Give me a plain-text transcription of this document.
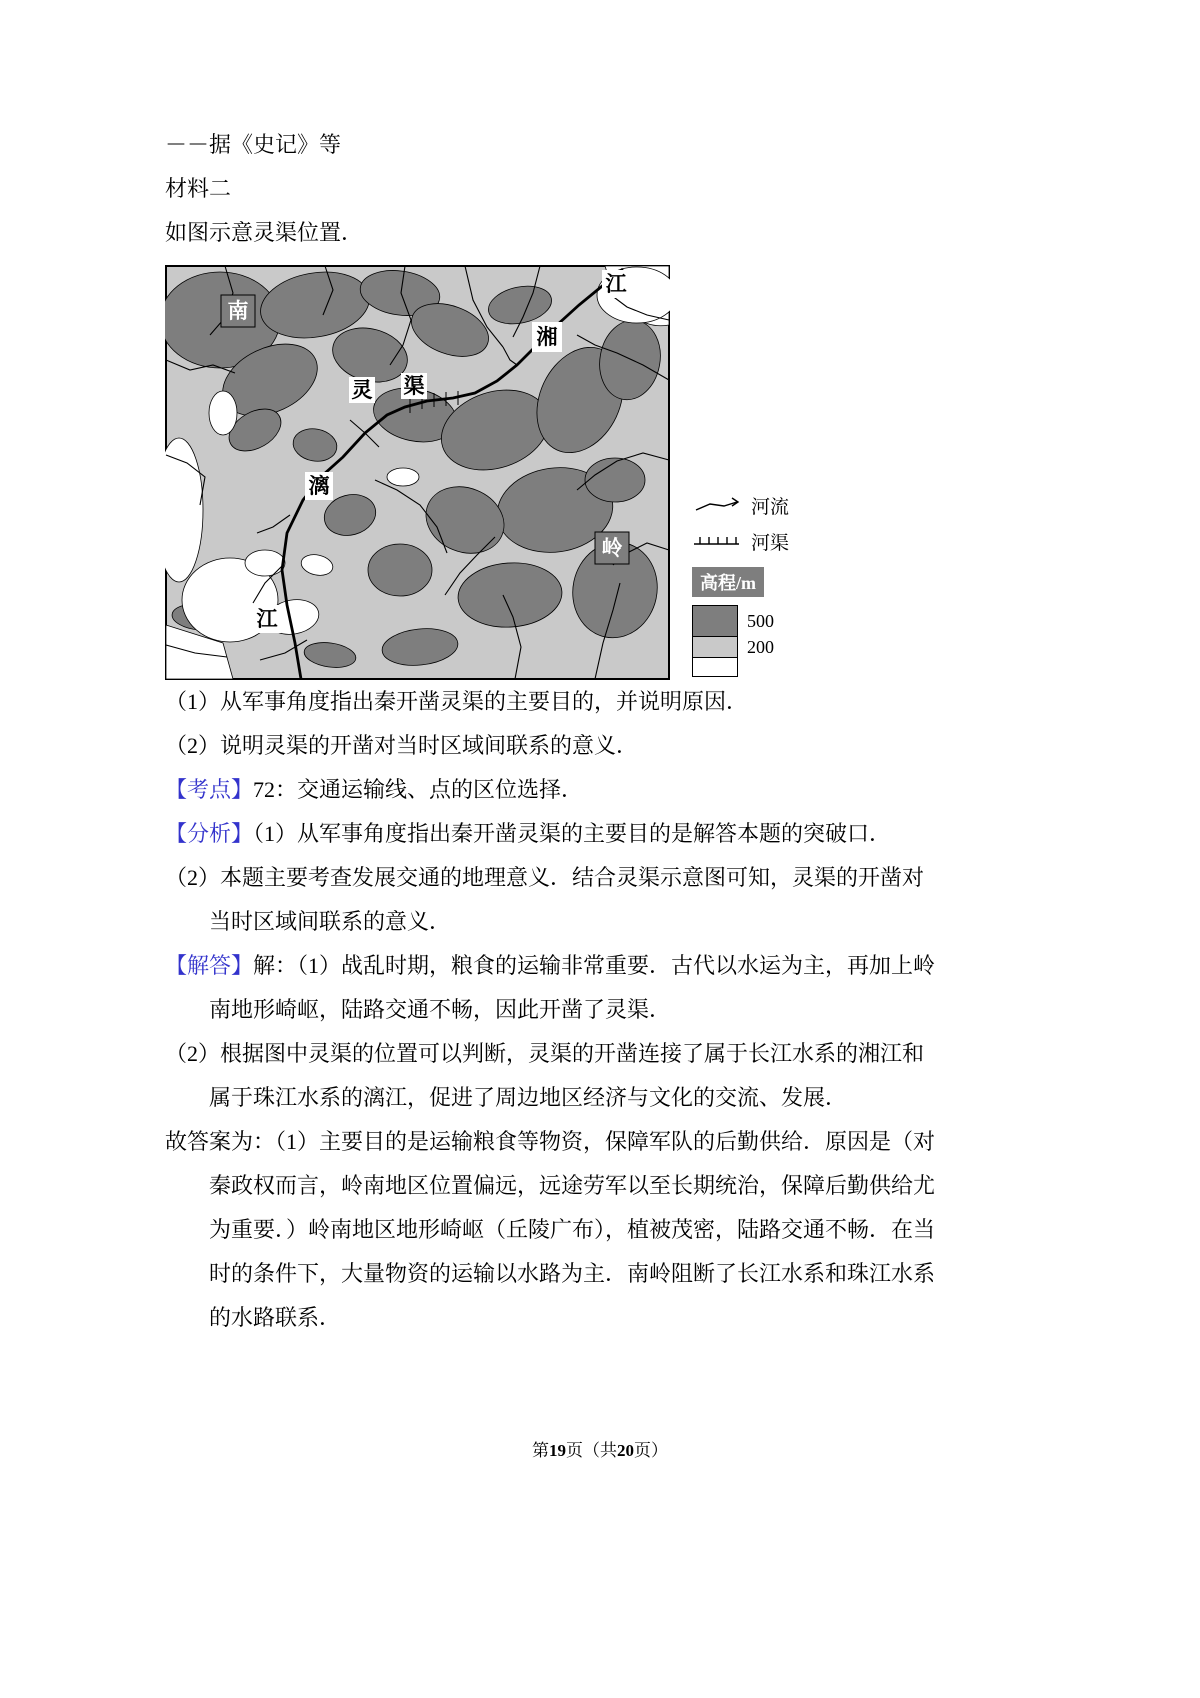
－－据《史记》等

材料二

如图示意灵渠位置．

南
湘
江
灵 渠
漓
江
岭
河流
河渠
高程/m
500
200

（1）从军事角度指出秦开凿灵渠的主要目的，并说明原因．

（2）说明灵渠的开凿对当时区域间联系的意义．

【考点】72：交通运输线、点的区位选择．

【分析】（1）从军事角度指出秦开凿灵渠的主要目的是解答本题的突破口．

（2）本题主要考查发展交通的地理意义．结合灵渠示意图可知，灵渠的开凿对

当时区域间联系的意义．

【解答】解：（1）战乱时期，粮食的运输非常重要．古代以水运为主，再加上岭

南地形崎岖，陆路交通不畅，因此开凿了灵渠．

（2）根据图中灵渠的位置可以判断，灵渠的开凿连接了属于长江水系的湘江和

属于珠江水系的漓江，促进了周边地区经济与文化的交流、发展．

故答案为：（1）主要目的是运输粮食等物资，保障军队的后勤供给．原因是（对

秦政权而言，岭南地区位置偏远，远途劳军以至长期统治，保障后勤供给尤

为重要．）岭南地区地形崎岖（丘陵广布），植被茂密，陆路交通不畅．在当

时的条件下，大量物资的运输以水路为主．南岭阻断了长江水系和珠江水系

的水路联系．

第19页（共20页）
